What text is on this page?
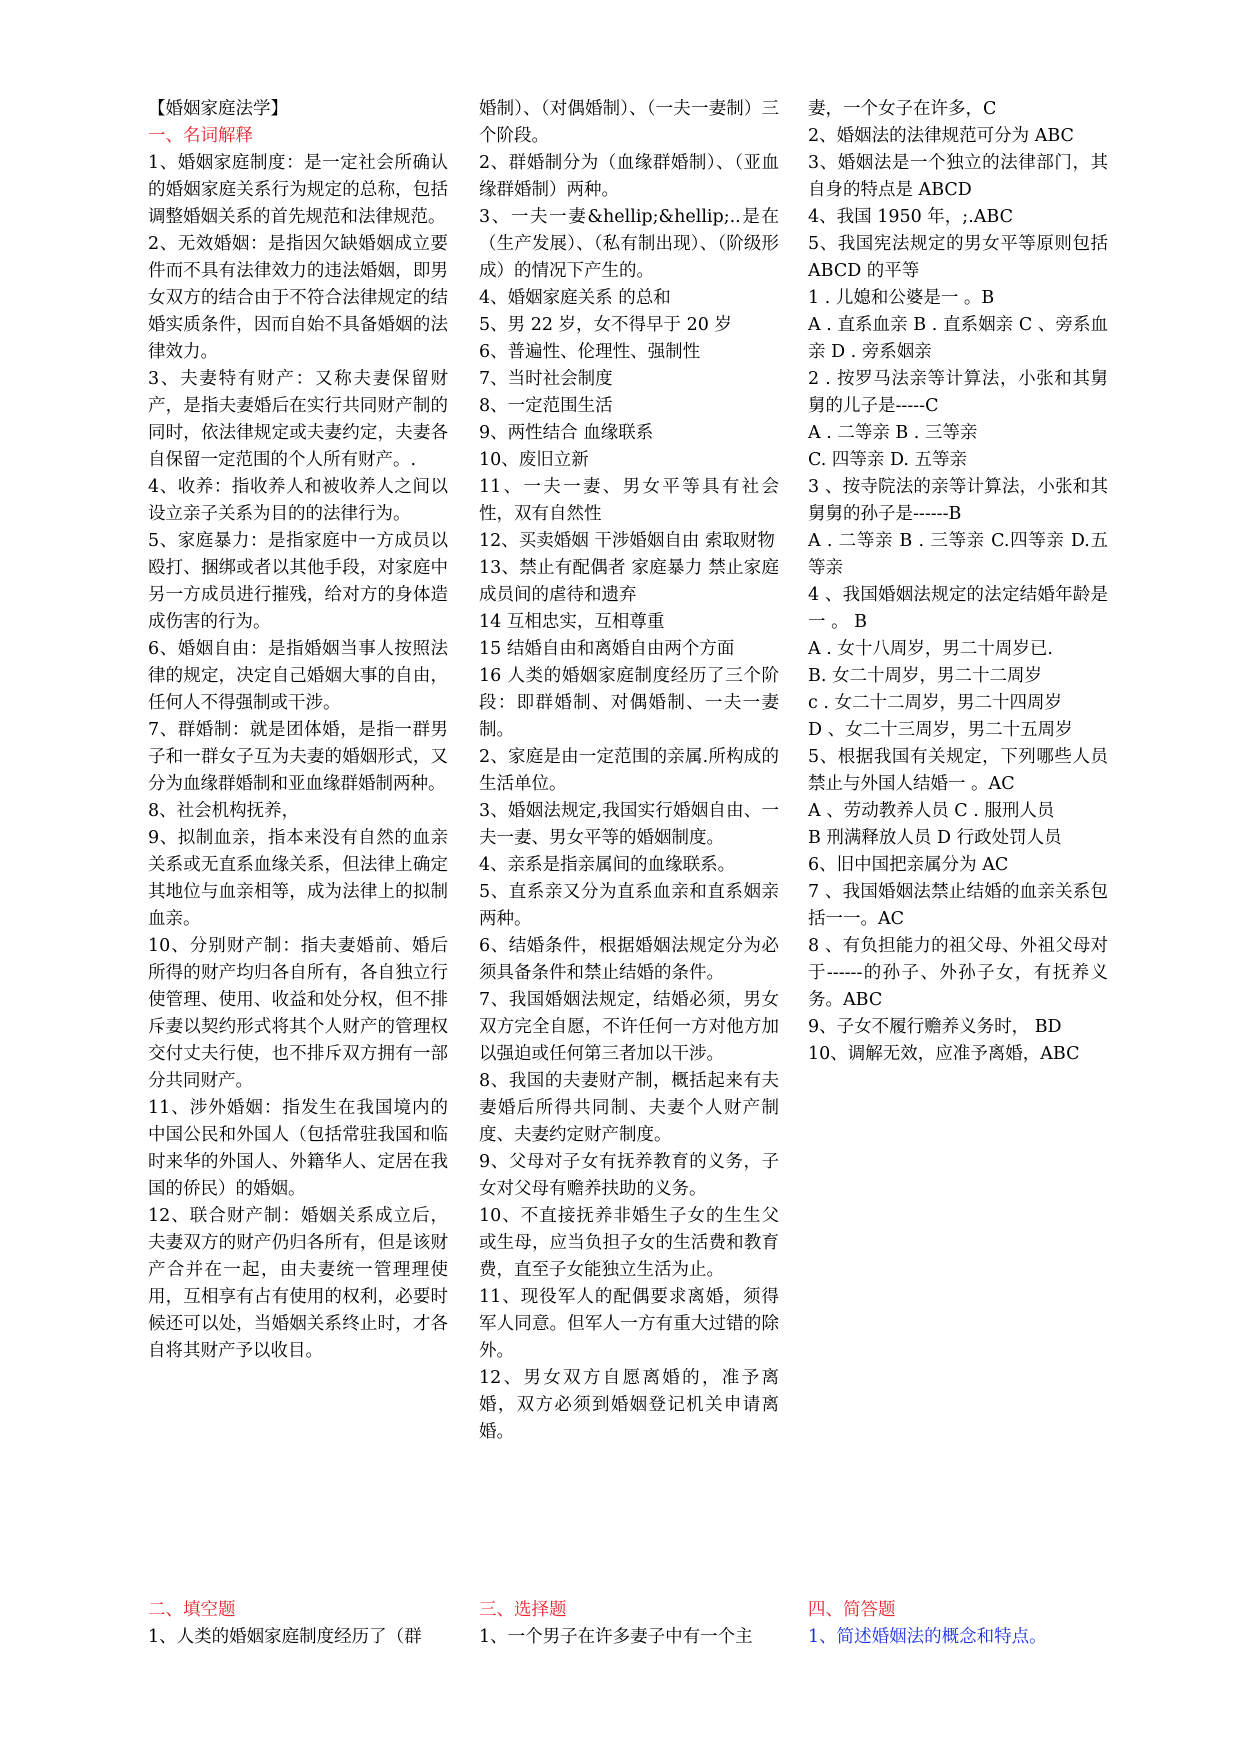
【婚姻家庭法学】

一、名词解释

1、婚姻家庭制度：是一定社会所确认的婚姻家庭关系行为规定的总称，包括调整婚姻关系的首先规范和法律规范。

2、无效婚姻：是指因欠缺婚姻成立要件而不具有法律效力的违法婚姻，即男女双方的结合由于不符合法律规定的结婚实质条件，因而自始不具备婚姻的法律效力。

3、夫妻特有财产：又称夫妻保留财产，是指夫妻婚后在实行共同财产制的同时，依法律规定或夫妻约定，夫妻各自保留一定范围的个人所有财产。.

4、收养：指收养人和被收养人之间以设立亲子关系为目的的法律行为。

5、家庭暴力：是指家庭中一方成员以殴打、捆绑或者以其他手段，对家庭中另一方成员进行摧残，给对方的身体造成伤害的行为。

6、婚姻自由：是指婚姻当事人按照法律的规定，决定自己婚姻大事的自由，任何人不得强制或干涉。

7、群婚制：就是团体婚，是指一群男子和一群女子互为夫妻的婚姻形式，又分为血缘群婚制和亚血缘群婚制两种。

8、社会机构抚养，

9、拟制血亲，指本来没有自然的血亲关系或无直系血缘关系，但法律上确定其地位与血亲相等，成为法律上的拟制血亲。

10、分别财产制：指夫妻婚前、婚后所得的财产均归各自所有，各自独立行使管理、使用、收益和处分权，但不排斥妻以契约形式将其个人财产的管理权交付丈夫行使，也不排斥双方拥有一部分共同财产。

11、涉外婚姻：指发生在我国境内的中国公民和外国人（包括常驻我国和临时来华的外国人、外籍华人、定居在我国的侨民）的婚姻。

12、联合财产制：婚姻关系成立后，夫妻双方的财产仍归各所有，但是该财产合并在一起，由夫妻统一管理理使用，互相享有占有使用的权利，必要时候还可以处，当婚姻关系终止时，才各自将其财产予以收目。

婚制）、（对偶婚制）、（一夫一妻制）三个阶段。

2、群婚制分为（血缘群婚制）、（亚血缘群婚制）两种。

3、一夫一妻&hellip;&hellip;..是在（生产发展）、（私有制出现）、（阶级形成）的情况下产生的。

4、婚姻家庭关系 的总和

5、男 22 岁，女不得早于 20 岁

6、普遍性、伦理性、强制性

7、当时社会制度

8、一定范围生活

9、两性结合 血缘联系

10、废旧立新

11、一夫一妻、男女平等具有社会性，双有自然性

12、买卖婚姻 干涉婚姻自由 索取财物

13、禁止有配偶者 家庭暴力 禁止家庭成员间的虐待和遗弃

14 互相忠实，互相尊重

15 结婚自由和离婚自由两个方面

16 人类的婚姻家庭制度经历了三个阶段：即群婚制、对偶婚制、一夫一妻制。

2、家庭是由一定范围的亲属.所构成的生活单位。

3、婚姻法规定,我国实行婚姻自由、一夫一妻、男女平等的婚姻制度。

4、亲系是指亲属间的血缘联系。

5、直系亲又分为直系血亲和直系姻亲两种。

6、结婚条件，根据婚姻法规定分为必须具备条件和禁止结婚的条件。

7、我国婚姻法规定，结婚必须，男女双方完全自愿，不许任何一方对他方加以强迫或任何第三者加以干涉。

8、我国的夫妻财产制，概括起来有夫妻婚后所得共同制、夫妻个人财产制度、夫妻约定财产制度。

9、父母对子女有抚养教育的义务，子女对父母有赡养扶助的义务。

10、不直接抚养非婚生子女的生生父或生母，应当负担子女的生活费和教育费，直至子女能独立生活为止。

11、现役军人的配偶要求离婚，须得军人同意。但军人一方有重大过错的除外。

12、男女双方自愿离婚的，准予离婚，双方必须到婚姻登记机关申请离婚。

妻，一个女子在许多，C

2、婚姻法的法律规范可分为 ABC

3、婚姻法是一个独立的法律部门，其自身的特点是 ABCD

4、我国 1950 年，;.ABC

5、我国宪法规定的男女平等原则包括 ABCD 的平等

1 . 儿媳和公婆是一 。B

A . 直系血亲 B . 直系姻亲 C 、旁系血亲 D . 旁系姻亲

2 . 按罗马法亲等计算法，小张和其舅舅的儿子是-----C

A . 二等亲 B . 三等亲

C. 四等亲 D. 五等亲

3 、按寺院法的亲等计算法，小张和其舅舅的孙子是------B

A . 二等亲 B . 三等亲 C.四等亲 D.五等亲

4 、我国婚姻法规定的法定结婚年龄是一 。 B

A . 女十八周岁，男二十周岁已.

B. 女二十周岁，男二十二周岁

c . 女二十二周岁，男二十四周岁

D 、女二十三周岁，男二十五周岁

5、根据我国有关规定，下列哪些人员禁止与外国人结婚一 。AC

A 、劳动教养人员 C . 服刑人员

B 刑满释放人员 D 行政处罚人员

6、旧中国把亲属分为 AC

7 、我国婚姻法禁止结婚的血亲关系包括一一。AC

8 、有负担能力的祖父母、外祖父母对于------的孙子、外孙子女，有抚养义务。ABC

9、子女不履行赡养义务时， BD

10、调解无效，应准予离婚，ABC

二、填空题

1、人类的婚姻家庭制度经历了（群

三、选择题

1、一个男子在许多妻子中有一个主

四、简答题

1、简述婚姻法的概念和特点。
